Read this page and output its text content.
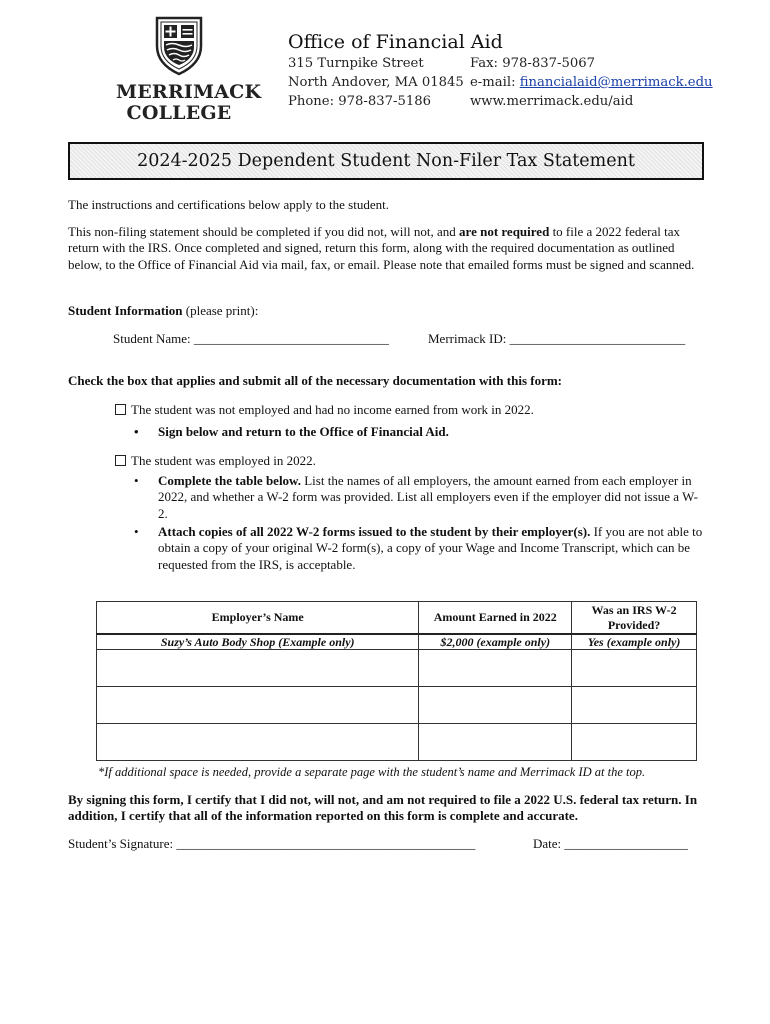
MERRIMACK
COLLEGE
Office of Financial Aid
315 Turnpike Street
North Andover, MA 01845
Phone: 978-837-5186
Fax: 978-837-5067
e-mail: financialaid@merrimack.edu
www.merrimack.edu/aid
2024-2025 Dependent Student Non-Filer Tax Statement
The instructions and certifications below apply to the student.
This non-filing statement should be completed if you did not, will not, and are not required to file a 2022 federal tax return with the IRS. Once completed and signed, return this form, along with the required documentation as outlined below, to the Office of Financial Aid via mail, fax, or email. Please note that emailed forms must be signed and scanned.
Student Information (please print):
Student Name: ______________________________	Merrimack ID: ___________________________
Check the box that applies and submit all of the necessary documentation with this form:
The student was not employed and had no income earned from work in 2022.
• Sign below and return to the Office of Financial Aid.
The student was employed in 2022.
• Complete the table below. List the names of all employers, the amount earned from each employer in 2022, and whether a W-2 form was provided. List all employers even if the employer did not issue a W-2.
• Attach copies of all 2022 W-2 forms issued to the student by their employer(s). If you are not able to obtain a copy of your original W-2 form(s), a copy of your Wage and Income Transcript, which can be requested from the IRS, is acceptable.
Employer’s Name	Amount Earned in 2022	Was an IRS W-2 Provided?
Suzy’s Auto Body Shop (Example only)	$2,000 (example only)	Yes (example only)

*If additional space is needed, provide a separate page with the student’s name and Merrimack ID at the top.
By signing this form, I certify that I did not, will not, and am not required to file a 2022 U.S. federal tax return. In addition, I certify that all of the information reported on this form is complete and accurate.
Student’s Signature: ______________________________________________	Date: ___________________
